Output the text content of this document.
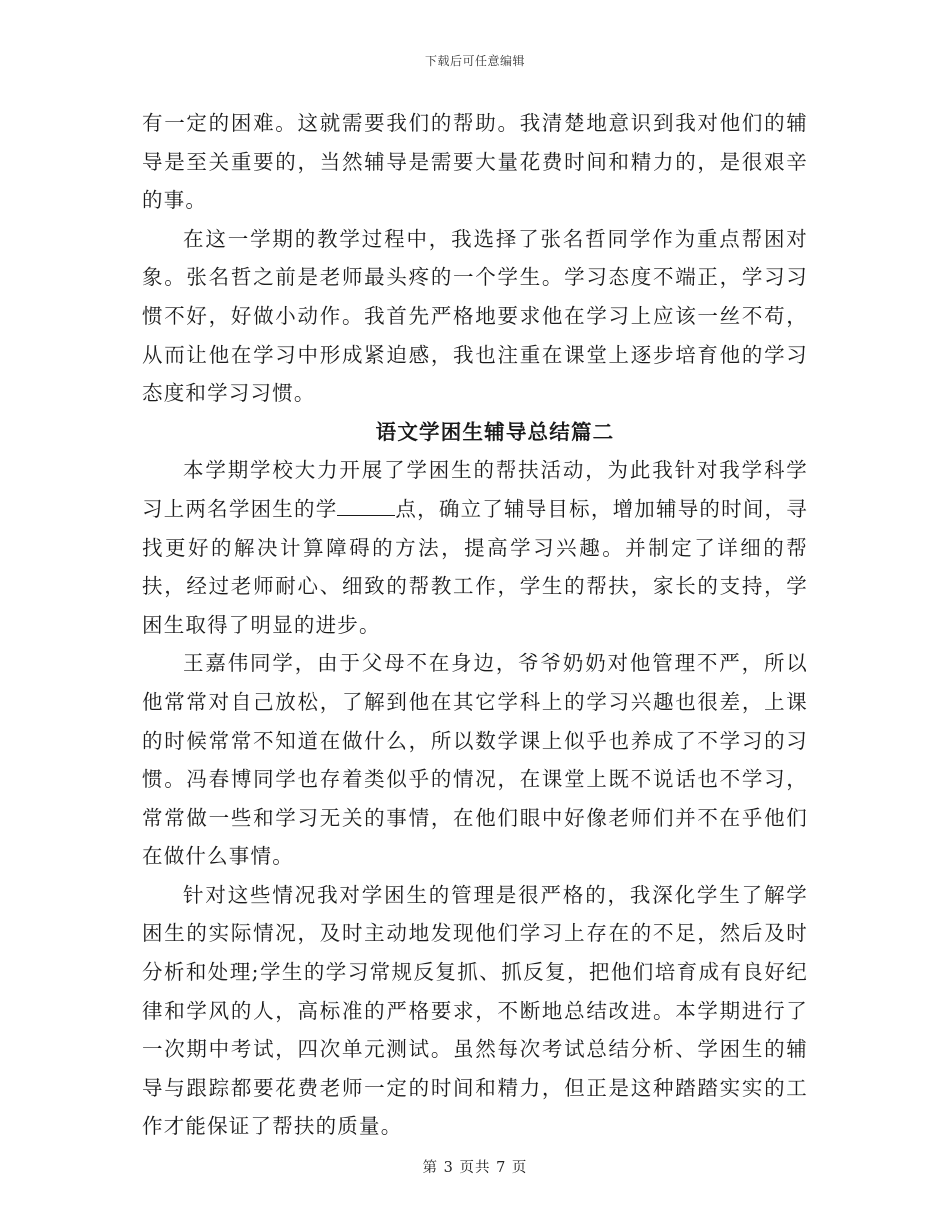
下载后可任意编辑

有一定的困难。这就需要我们的帮助。我清楚地意识到我对他们的辅导是至关重要的，当然辅导是需要大量花费时间和精力的，是很艰辛的事。

在这一学期的教学过程中，我选择了张名哲同学作为重点帮困对象。张名哲之前是老师最头疼的一个学生。学习态度不端正，学习习惯不好，好做小动作。我首先严格地要求他在学习上应该一丝不苟，从而让他在学习中形成紧迫感，我也注重在课堂上逐步培育他的学习态度和学习习惯。

语文学困生辅导总结篇二

本学期学校大力开展了学困生的帮扶活动，为此我针对我学科学习上两名学困生的学	点，确立了辅导目标，增加辅导的时间，寻找更好的解决计算障碍的方法，提高学习兴趣。并制定了详细的帮扶，经过老师耐心、细致的帮教工作，学生的帮扶，家长的支持，学困生取得了明显的进步。

王嘉伟同学，由于父母不在身边，爷爷奶奶对他管理不严，所以他常常对自己放松，了解到他在其它学科上的学习兴趣也很差，上课的时候常常不知道在做什么，所以数学课上似乎也养成了不学习的习惯。冯春博同学也存着类似乎的情况，在课堂上既不说话也不学习，常常做一些和学习无关的事情，在他们眼中好像老师们并不在乎他们在做什么事情。

针对这些情况我对学困生的管理是很严格的，我深化学生了解学困生的实际情况，及时主动地发现他们学习上存在的不足，然后及时分析和处理;学生的学习常规反复抓、抓反复，把他们培育成有良好纪律和学风的人，高标准的严格要求，不断地总结改进。本学期进行了一次期中考试，四次单元测试。虽然每次考试总结分析、学困生的辅导与跟踪都要花费老师一定的时间和精力，但正是这种踏踏实实的工作才能保证了帮扶的质量。

第 3 页共 7 页
